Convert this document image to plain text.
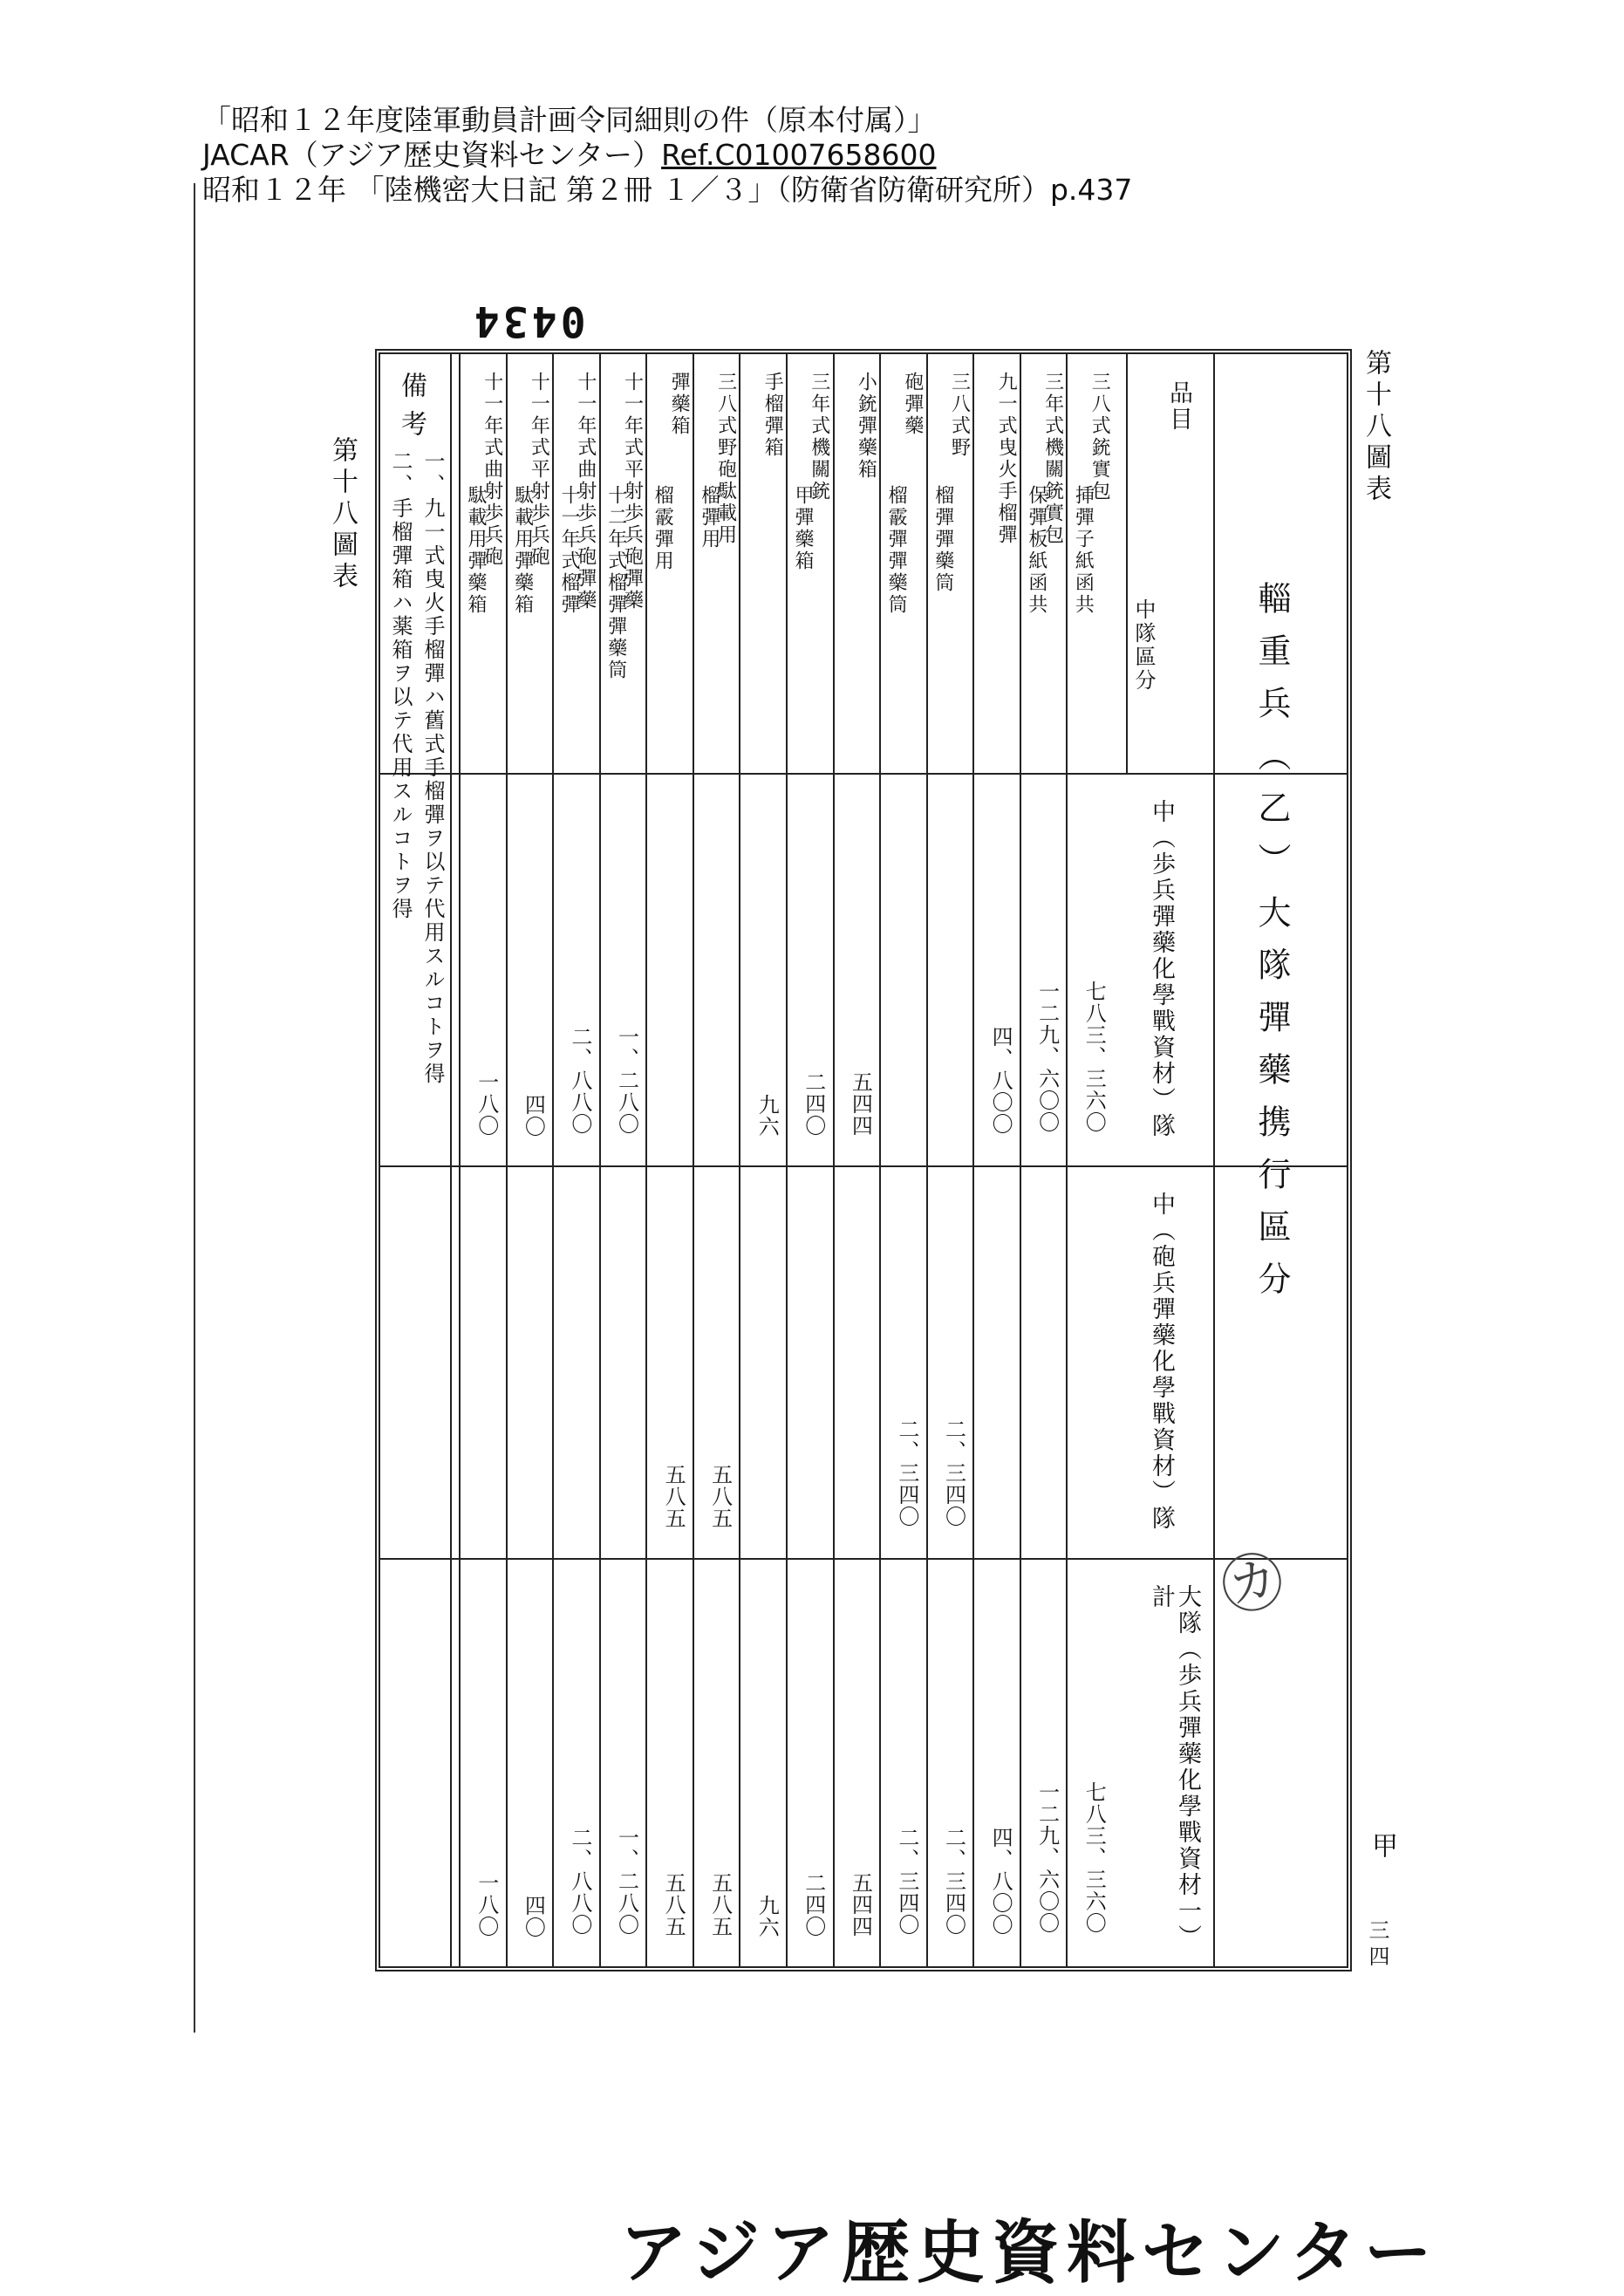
「昭和１２年度陸軍動員計画令同細則の件（原本付属）」
JACAR（アジア歴史資料センター）Ref.C01007658600
昭和１２年 「陸機密大日記 第２冊 １／３」（防衛省防衛研究所）p.437
0434
第十八圖表
第十八圖表
甲
三四
輜重兵（乙）大隊彈藥携行區分
品目
中隊區分
中（歩兵彈藥化學戰資材）隊
中（砲兵彈藥化學戰資材）隊
大隊（歩兵彈藥化學戰資材一）計
三八式銃實包
挿彈子紙函共
七八三、三六〇
七八三、三六〇
三年式機關銃實包
保彈板紙函共
一二九、六〇〇
一二九、六〇〇
九一式曳火手榴彈
四、八〇〇
四、八〇〇
三八式野
榴彈彈藥筒
二、三四〇
二、三四〇
砲彈藥
榴霰彈彈藥筒
二、三四〇
二、三四〇
小銃彈藥箱
五四四
五四四
三年式機關銃
甲彈藥箱
二四〇
二四〇
手榴彈箱
九六
九六
三八式野砲駄載用
榴彈用
五八五
五八五
彈藥箱
榴霰彈用
五八五
五八五
十一年式平射歩兵砲彈藥
十二年式榴彈彈藥筒
一、二八〇
一、二八〇
十一年式曲射歩兵砲彈藥
十一年式榴彈
二、八八〇
二、八八〇
十一年式平射歩兵砲
駄載用彈藥箱
四〇
四〇
十一年式曲射歩兵砲
駄載用彈藥箱
一八〇
一八〇
備考
一、九一式曳火手榴彈ハ舊式手榴彈ヲ以テ代用スルコトヲ得
二、手榴彈箱ハ薬箱ヲ以テ代用スルコトヲ得
㋕
アジア歴史資料センター
